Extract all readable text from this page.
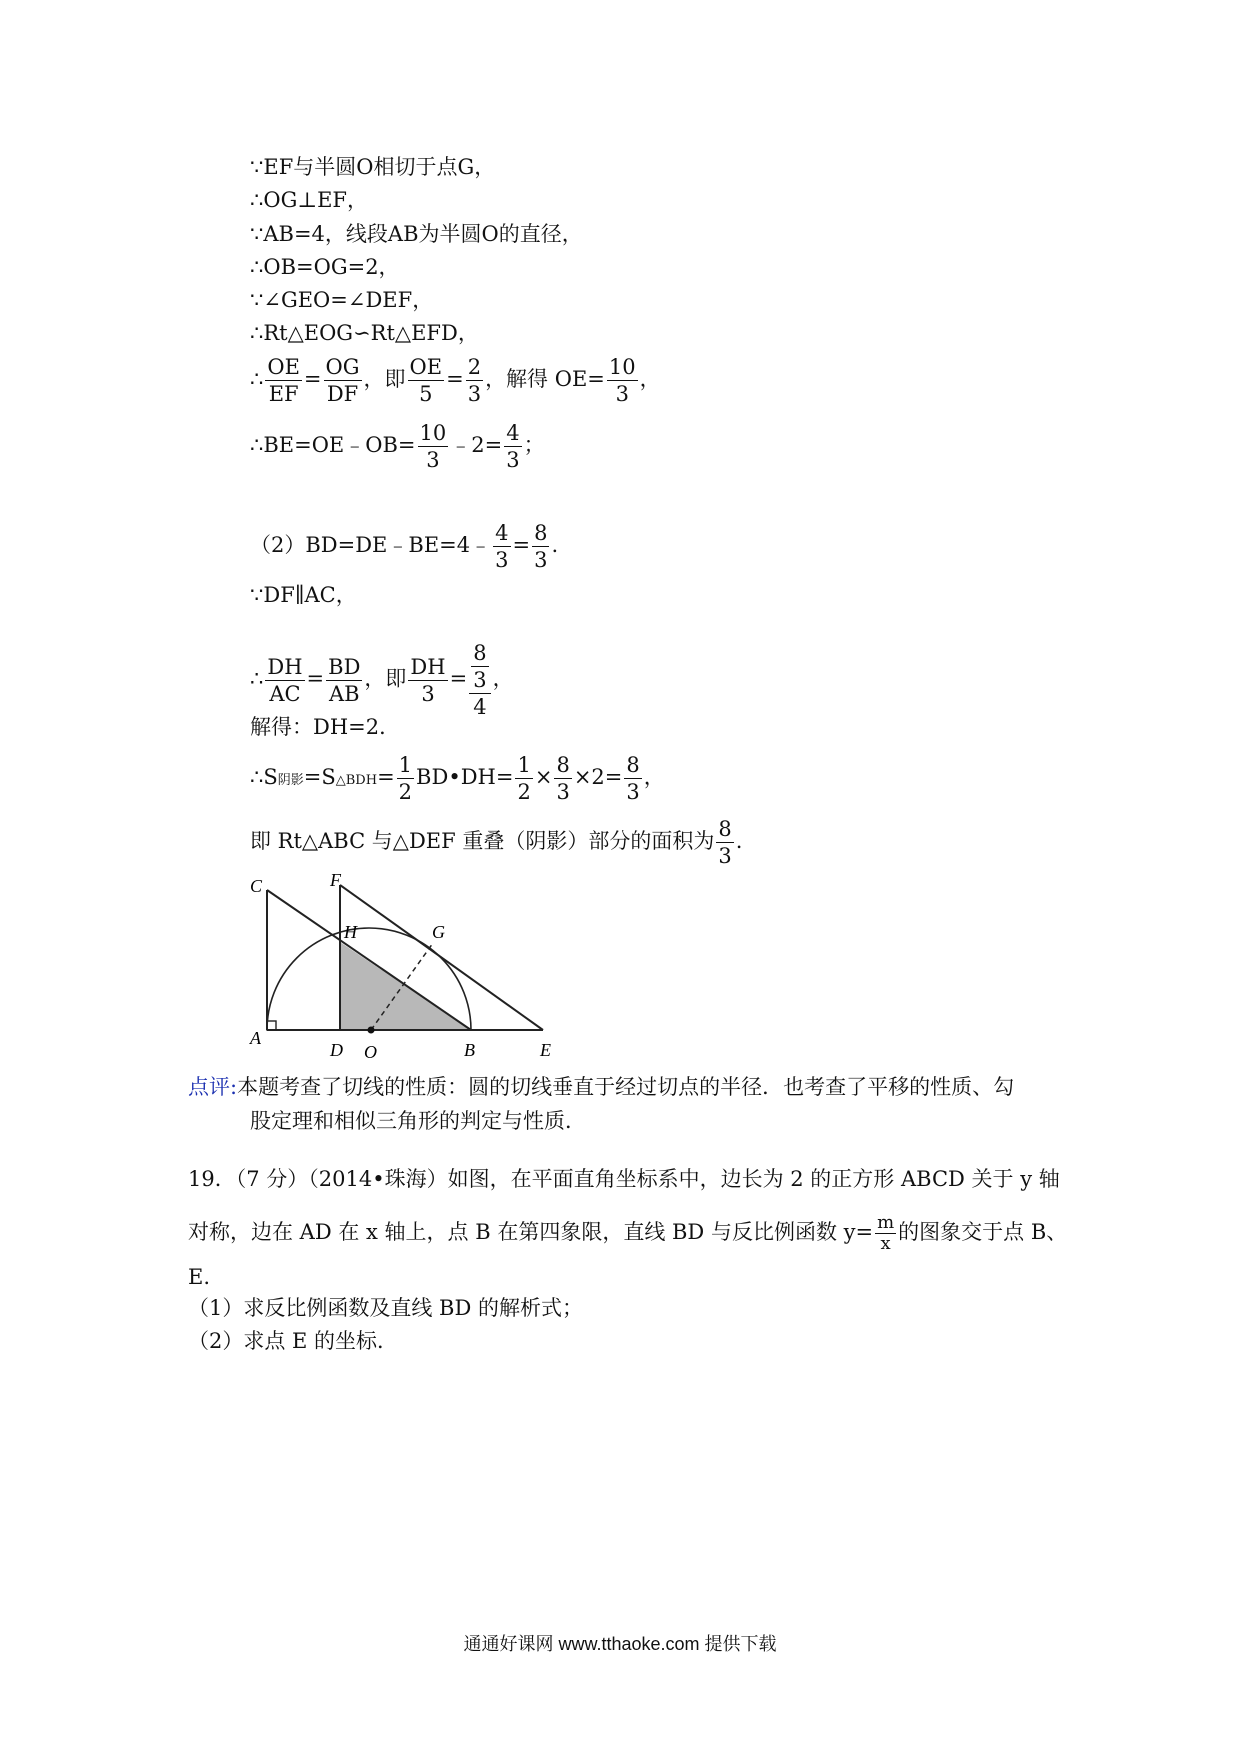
∵EF与半圆O相切于点G，
∴OG⊥EF，
∵AB=4，线段AB为半圆O的直径，
∴OB=OG=2，
∵∠GEO=∠DEF，
∴Rt△EOG∽Rt△EFD，
∴ $\frac{OE}{EF} = \frac{OG}{DF}$ ，即 $\frac{OE}{5} = \frac{2}{3}$ ，解得 $OE= \frac{10}{3}$ ，
∴BE=OE﹣OB= $\frac{10}{3}$ ﹣2= $\frac{4}{3}$ ；
（2）BD=DE﹣BE=4﹣ $\frac{4}{3} = \frac{8}{3}$ .
∵DF∥AC，
∴ $\frac{DH}{AC} = \frac{BD}{AB}$ ，即 $\frac{DH}{3} = \frac{\frac{8}{3}}{4}$ ，
解得：DH=2．
∴S阴影=S△BDH= $\frac{1}{2}$ BD•DH= $\frac{1}{2} \times \frac{8}{3} \times 2= \frac{8}{3}$ ，
即 Rt△ABC 与△DEF 重叠（阴影）部分的面积为 $\frac{8}{3}$ .
C	F
H	G
A
D O	B	E
点评:本题考查了切线的性质：圆的切线垂直于经过切点的半径．也考查了平移的性质、勾
股定理和相似三角形的判定与性质．
19．（7 分）（2014•珠海）如图，在平面直角坐标系中，边长为 2 的正方形 ABCD 关于 y 轴
对称，边在 AD 在 x 轴上，点 B 在第四象限，直线 BD 与反比例函数 $y= \frac{m}{x}$ 的图象交于点 B、
E.
（1）求反比例函数及直线 BD 的解析式；
（2）求点 E 的坐标．
通通好课网 www.tthaoke.com 提供下载
